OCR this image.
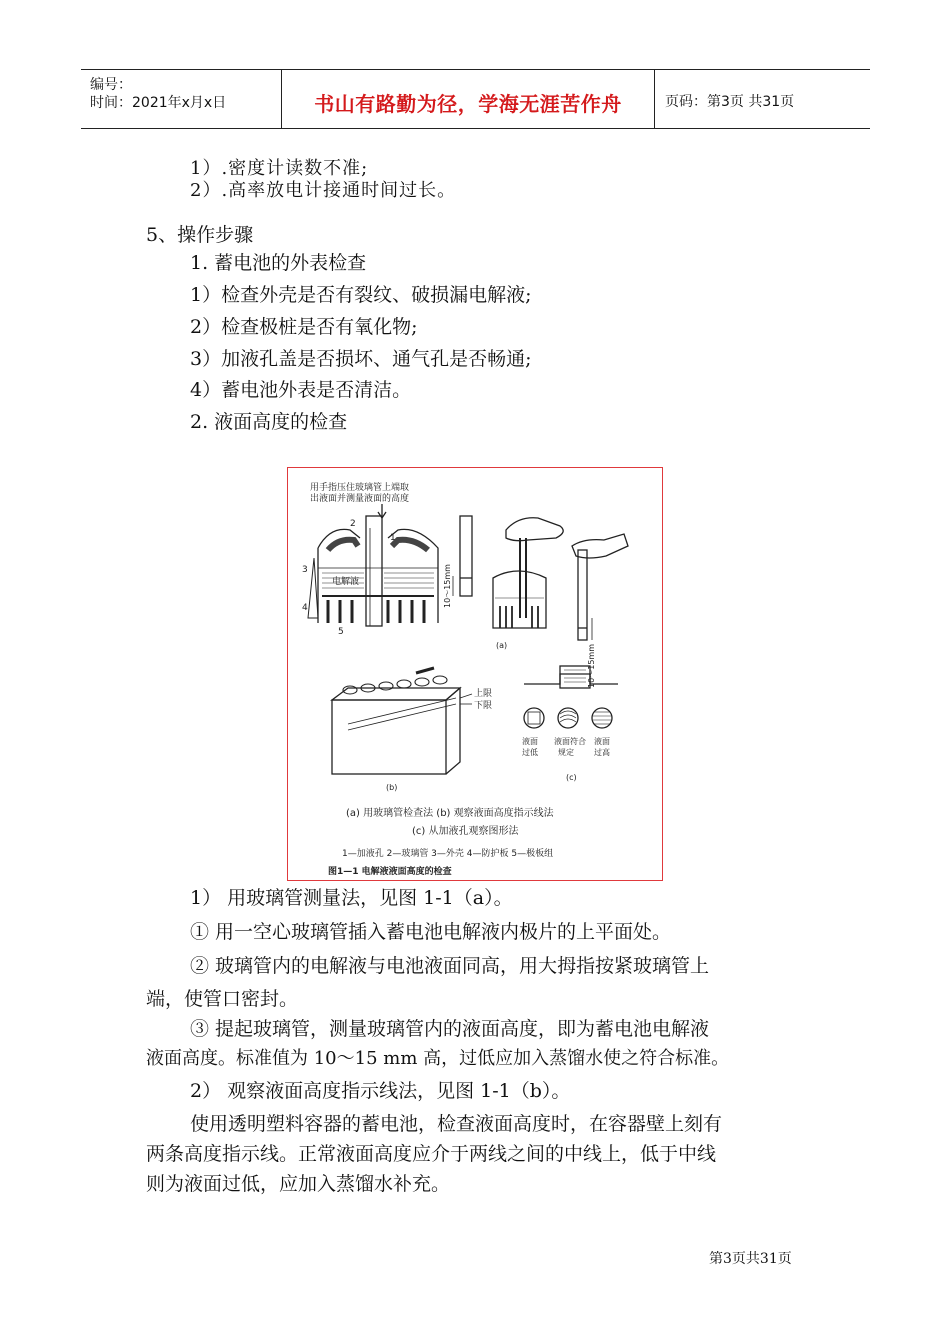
编号：
时间：2021年x月x日	书山有路勤为径，学海无涯苦作舟	页码：第3页 共31页
1）.密度计读数不准;
2）.高率放电计接通时间过长。
5、操作步骤
1. 蓄电池的外表检查
1）检查外壳是否有裂纹、破损漏电解液;
2）检查极桩是否有氧化物;
3）加液孔盖是否损坏、通气孔是否畅通;
4）蓄电池外表是否清洁。
2. 液面高度的检查
用手指压住玻璃管上端取
出液面并测量液面的高度
电解液
2
1
3
4
5
10～15mm
(a)	10～15mm
上限
下限
(b)
液面
过低
液面符合
规定
液面
过高
(c)
(a) 用玻璃管检查法 (b) 观察液面高度指示线法
(c) 从加液孔观察图形法
1—加液孔 2—玻璃管 3—外壳 4—防护板 5—极板组
图1—1 电解液液面高度的检查
1） 用玻璃管测量法，见图 1-1（a）。
① 用一空心玻璃管插入蓄电池电解液内极片的上平面处。
② 玻璃管内的电解液与电池液面同高，用大拇指按紧玻璃管上
端，使管口密封。
③ 提起玻璃管，测量玻璃管内的液面高度，即为蓄电池电解液
液面高度。标准值为 10～15 mm 高，过低应加入蒸馏水使之符合标准。
2） 观察液面高度指示线法，见图 1-1（b）。
使用透明塑料容器的蓄电池，检查液面高度时，在容器壁上刻有
两条高度指示线。正常液面高度应介于两线之间的中线上，低于中线
则为液面过低，应加入蒸馏水补充。
第3页共31页
